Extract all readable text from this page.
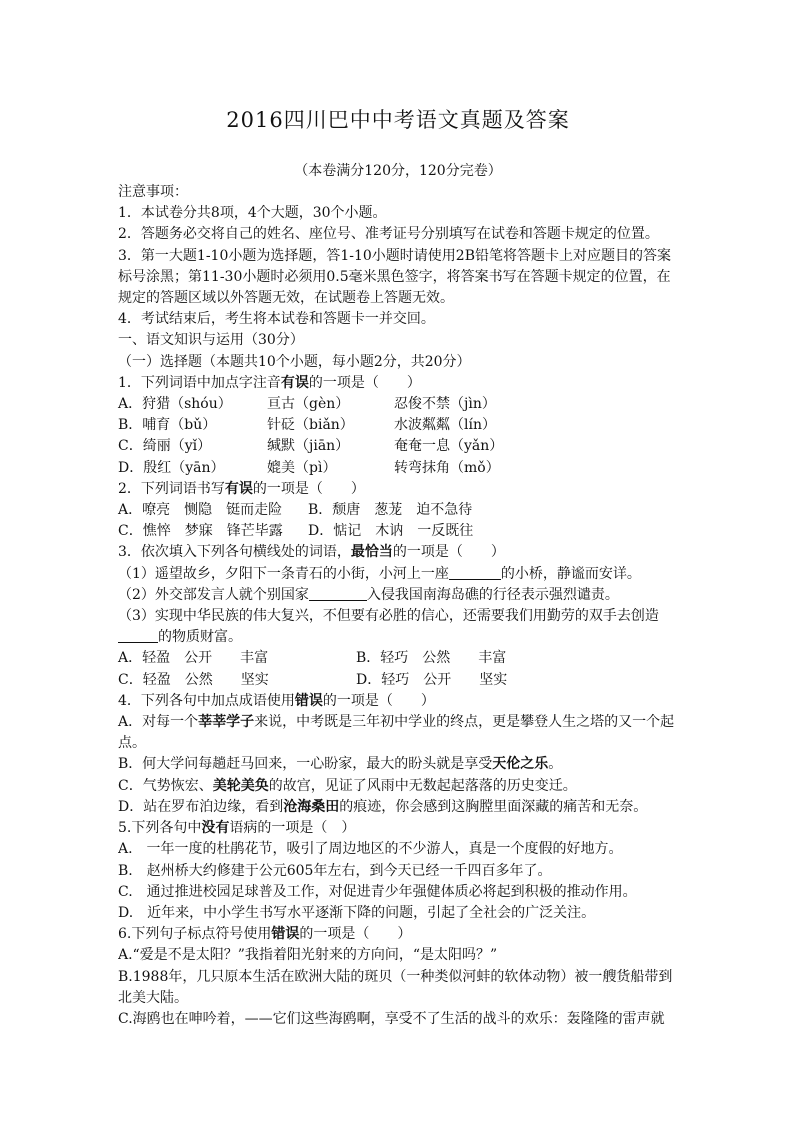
2016四川巴中中考语文真题及答案
（本卷满分120分，120分完卷）
注意事项：
1．本试卷分共8项，4个大题，30个小题。
2．答题务必交将自己的姓名、座位号、准考证号分别填写在试卷和答题卡规定的位置。
3．第一大题1-10小题为选择题，答1-10小题时请使用2B铅笔将答题卡上对应题目的答案标号涂黑；第11-30小题时必须用0.5毫米黑色签字，将答案书写在答题卡规定的位置，在规定的答题区域以外答题无效，在试题卷上答题无效。
4．考试结束后，考生将本试卷和答题卡一并交回。
一、语文知识与运用（30分）
（一）选择题（本题共10个小题，每小题2分，共20分）
1．下列词语中加点字注音有误的一项是（　　）
A．狩猎（shóu）	亘古（gèn）	忍俊不禁（jìn）
B．哺育（bǔ）	针砭（biǎn）	水波粼粼（lín）
C．绮丽（yǐ）	缄默（jiān）	奄奄一息（yǎn）
D．殷红（yān）	媲美（pì）	转弯抹角（mǒ）
2．下列词语书写有误的一项是（　　）
A．嘹亮　恻隐　铤而走险	B．颓唐　葱茏　迫不急待
C．憔悴　梦寐　锋芒毕露	D．惦记　木讷　一反既往
3．依次填入下列各句横线处的词语，最恰当的一项是（　　）
（1）遥望故乡，夕阳下一条青石的小街，小河上一座	的小桥，静谧而安详。
（2）外交部发言人就个别国家	入侵我国南海岛礁的行径表示强烈谴责。
（3）实现中华民族的伟大复兴，不但要有必胜的信心，还需要我们用勤劳的双手去创造
的物质财富。
A．轻盈　公开　　丰富	B．轻巧　公然　　丰富
C．轻盈　公然　　坚实	D．轻巧　公开　　坚实
4．下列各句中加点成语使用错误的一项是（　　）
A．对每一个莘莘学子来说，中考既是三年初中学业的终点，更是攀登人生之塔的又一个起点。
B．何大学问每趟赶马回来，一心盼家，最大的盼头就是享受天伦之乐。
C．气势恢宏、美轮美奂的故宫，见证了风雨中无数起起落落的历史变迁。
D．站在罗布泊边缘，看到沧海桑田的痕迹，你会感到这胸膛里面深藏的痛苦和无奈。
5.下列各句中没有语病的一项是（　）
A.　一年一度的杜鹃花节，吸引了周边地区的不少游人，真是一个度假的好地方。
B.　赵州桥大约修建于公元605年左右，到今天已经一千四百多年了。
C.　通过推进校园足球普及工作，对促进青少年强健体质必将起到积极的推动作用。
D.　近年来，中小学生书写水平逐渐下降的问题，引起了全社会的广泛关注。
6.下列句子标点符号使用错误的一项是（　　）
A.“爱是不是太阳？”我指着阳光射来的方向问，“是太阳吗？”
B.1988年，几只原本生活在欧洲大陆的斑贝（一种类似河蚌的软体动物）被一艘货船带到北美大陆。
C.海鸥也在呻吟着，——它们这些海鸥啊，享受不了生活的战斗的欢乐：轰隆隆的雷声就
